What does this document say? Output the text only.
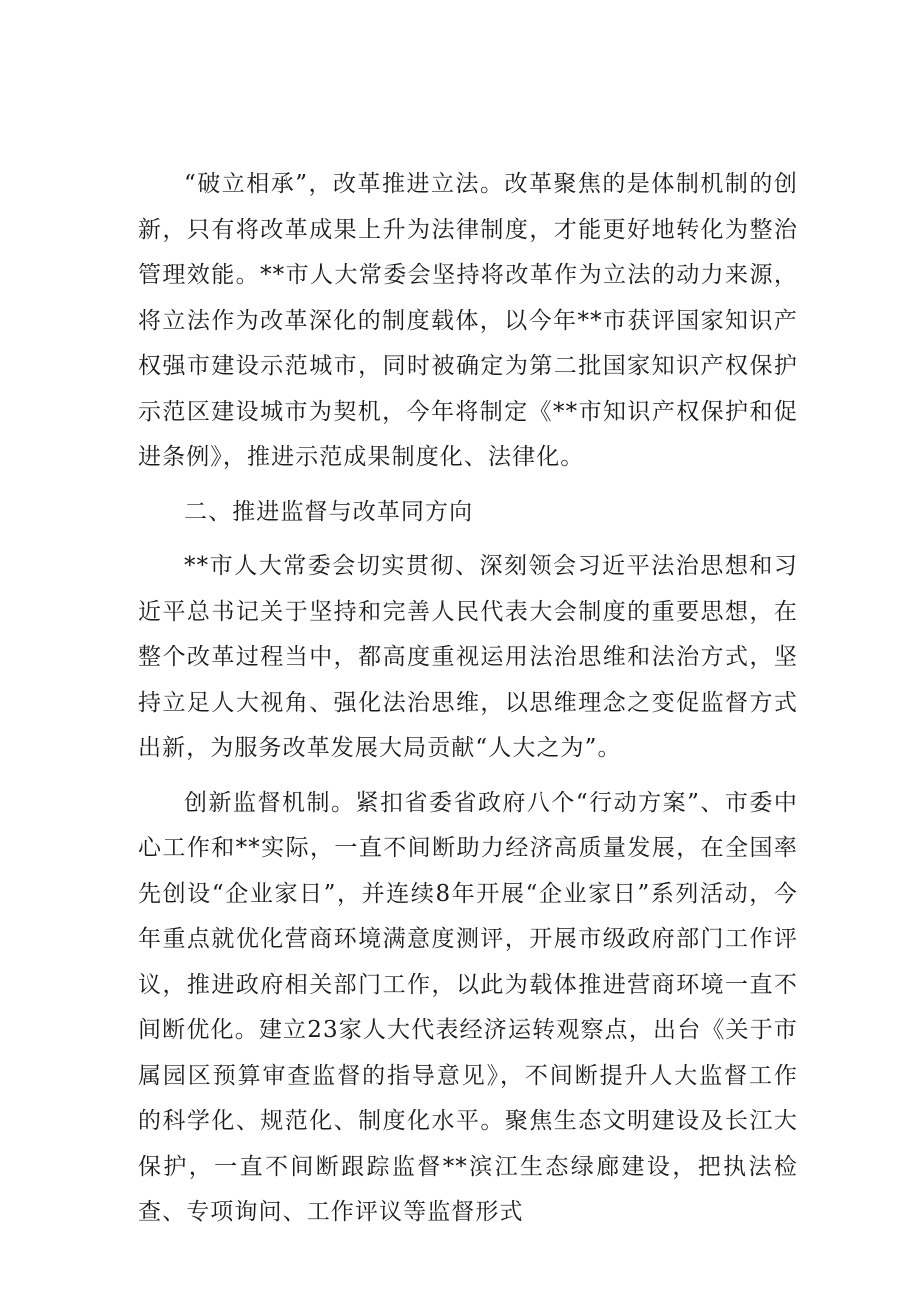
“破立相承”，改革推进立法。改革聚焦的是体制机制的创新，只有将改革成果上升为法律制度，才能更好地转化为整治管理效能。**市人大常委会坚持将改革作为立法的动力来源，将立法作为改革深化的制度载体，以今年**市获评国家知识产权强市建设示范城市，同时被确定为第二批国家知识产权保护示范区建设城市为契机，今年将制定《**市知识产权保护和促进条例》，推进示范成果制度化、法律化。

二、推进监督与改革同方向

**市人大常委会切实贯彻、深刻领会习近平法治思想和习近平总书记关于坚持和完善人民代表大会制度的重要思想，在整个改革过程当中，都高度重视运用法治思维和法治方式，坚持立足人大视角、强化法治思维，以思维理念之变促监督方式出新，为服务改革发展大局贡献“人大之为”。

创新监督机制。紧扣省委省政府八个“行动方案”、市委中心工作和**实际，一直不间断助力经济高质量发展，在全国率先创设“企业家日”，并连续8年开展“企业家日”系列活动，今年重点就优化营商环境满意度测评，开展市级政府部门工作评议，推进政府相关部门工作，以此为载体推进营商环境一直不间断优化。建立23家人大代表经济运转观察点，出台《关于市属园区预算审查监督的指导意见》，不间断提升人大监督工作的科学化、规范化、制度化水平。聚焦生态文明建设及长江大保护，一直不间断跟踪监督**滨江生态绿廊建设，把执法检查、专项询问、工作评议等监督形式
